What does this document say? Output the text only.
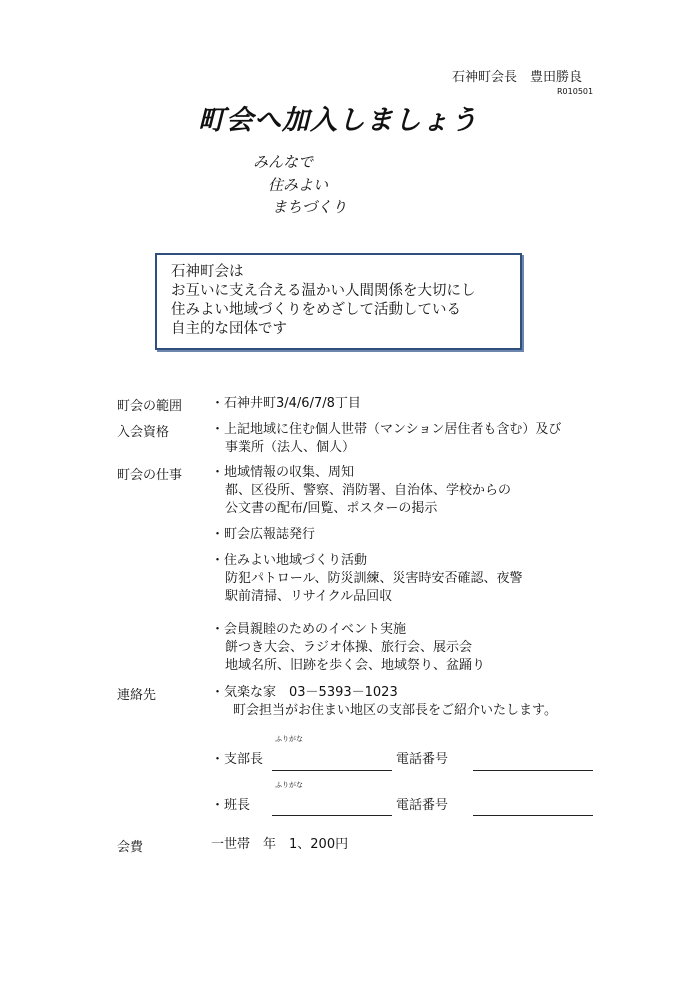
石神町会長　豊田勝良
R010501
町会へ加入しましょう
みんなで
住みよい
まちづくり
石神町会は
お互いに支え合える温かい人間関係を大切にし
住みよい地域づくりをめざして活動している
自主的な団体です
町会の範囲 ・石神井町3/4/6/7/8丁目
入会資格	・上記地域に住む個人世帯（マンション居住者も含む）及び
事業所（法人、個人）
町会の仕事 ・地域情報の収集、周知
都、区役所、警察、消防署、自治体、学校からの
公文書の配布/回覧、ポスターの掲示
・町会広報誌発行
・住みよい地域づくり活動
防犯パトロール、防災訓練、災害時安否確認、夜警
駅前清掃、リサイクル品回収
・会員親睦のためのイベント実施
餅つき大会、ラジオ体操、旅行会、展示会
地域名所、旧跡を歩く会、地域祭り、盆踊り
連絡先	・気楽な家　03－5393－1023
町会担当がお住まい地区の支部長をご紹介いたします。
ふりがな
・支部長	電話番号
ふりがな
・班長	電話番号
会費	一世帯　年　1、200円
